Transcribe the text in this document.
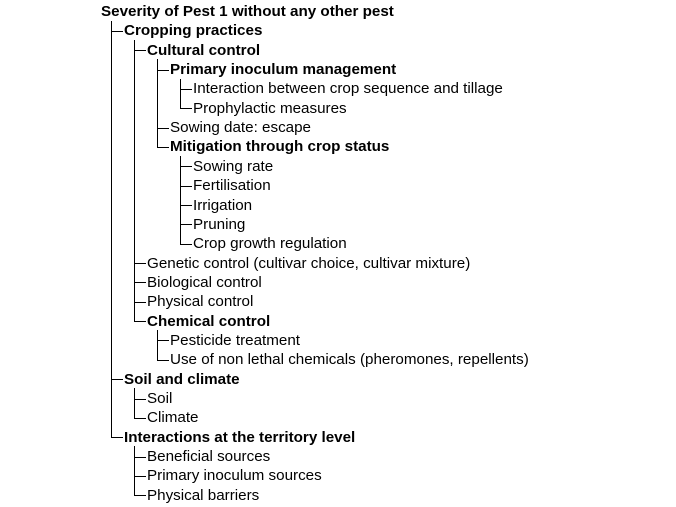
Severity of Pest 1 without any other pest
Cropping practices
Cultural control
Primary inoculum management
Interaction between crop sequence and tillage
Prophylactic measures
Sowing date: escape
Mitigation through crop status
Sowing rate
Fertilisation
Irrigation
Pruning
Crop growth regulation
Genetic control (cultivar choice, cultivar mixture)
Biological control
Physical control
Chemical control
Pesticide treatment
Use of non lethal chemicals (pheromones, repellents)
Soil and climate
Soil
Climate
Interactions at the territory level
Beneficial sources
Primary inoculum sources
Physical barriers
